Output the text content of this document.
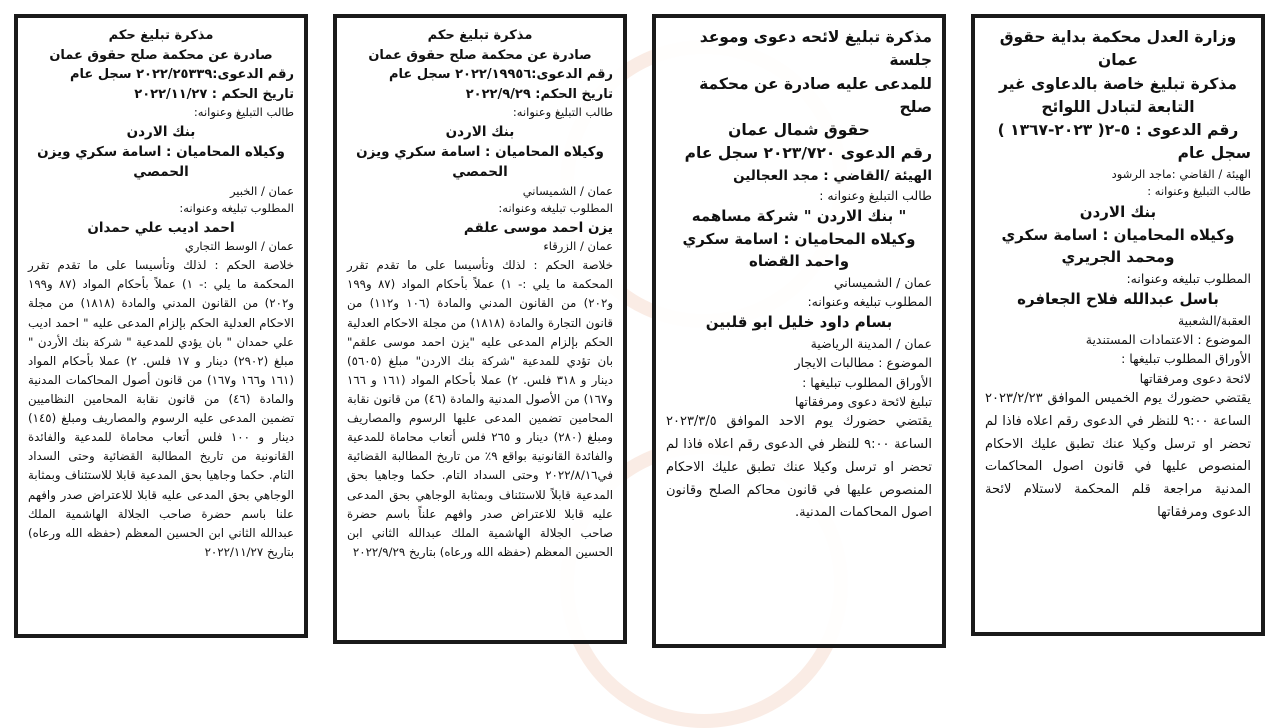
وزارة العدل محكمة بداية حقوق عمان

مذكرة تبليغ خاصة بالدعاوى غير

التابعة لتبادل اللوائح

رقم الدعوى : ٥-٢( ٢٠٢٣-١٣٦٧ )

سجل عام

الهيئة / القاضي :ماجد الرشود

طالب التبليغ وعنوانه :

بنك الاردن

وكيلاه المحاميان : اسامة سكري ومحمد الجريري

المطلوب تبليغه وعنوانه:

باسل عبدالله فلاح الجعافره

العقبة/الشعبية

الموضوع : الاعتمادات المستندية

الأوراق المطلوب تبليغها :

لائحة دعوى ومرفقاتها

يقتضي حضورك يوم الخميس الموافق ٢٠٢٣/٢/٢٣ الساعة ٩:٠٠ للنظر في الدعوى رقم اعلاه فاذا لم تحضر او ترسل وكيلا عنك تطبق عليك الاحكام المنصوص عليها في قانون اصول المحاكمات المدنية مراجعة قلم المحكمة لاستلام لائحة الدعوى ومرفقاتها

مذكرة تبليغ لائحه دعوى وموعد جلسة

للمدعى عليه صادرة عن محكمة صلح

حقوق شمال عمان

رقم الدعوى ٢٠٢٣/٧٢٠ سجل عام

الهيئة /القاضي : مجد العجالين

طالب التبليغ وعنوانه :

" بنك الاردن " شركة مساهمه

وكيلاه المحاميان : اسامة سكري واحمد القضاه

عمان / الشميساني

المطلوب تبليغه وعنوانه:

بسام داود خليل ابو قلبين

عمان / المدينة الرياضية

الموضوع : مطالبات الايجار

الأوراق المطلوب تبليغها :

تبليغ لائحة دعوى ومرفقاتها

يقتضي حضورك يوم الاحد الموافق ٢٠٢٣/٣/٥ الساعة ٩:٠٠ للنظر في الدعوى رقم اعلاه فاذا لم تحضر او ترسل وكيلا عنك تطبق عليك الاحكام المنصوص عليها في قانون محاكم الصلح وقانون اصول المحاكمات المدنية.

مذكرة تبليغ حكم

صادرة عن محكمة صلح حقوق عمان

رقم الدعوى:٢٠٢٢/١٩٩٥٦ سجل عام

تاريخ الحكم: ٢٠٢٢/٩/٢٩

طالب التبليغ وعنوانه:

بنك الاردن

وكيلاه المحاميان : اسامة سكري ويزن الحمصي

عمان / الشميساني

المطلوب تبليغه وعنوانه:

يزن احمد موسى علقم

عمان / الزرقاء

خلاصة الحكم : لذلك وتأسيسا على ما تقدم تقرر المحكمة ما يلي :- ١) عملاً بأحكام المواد (٨٧ و١٩٩ و٢٠٢) من القانون المدني والمادة (١٠٦ و١١٢) من قانون التجارة والمادة (١٨١٨) من مجلة الاحكام العدلية الحكم بإلزام المدعى عليه "يزن احمد موسى علقم" بان تؤدي للمدعية "شركة بنك الاردن" مبلغ (٥٦٠٥) دينار و ٣١٨ فلس. ٢) عملا بأحكام المواد (١٦١ و ١٦٦ و١٦٧) من الأصول المدنية والمادة (٤٦) من قانون نقابة المحامين تضمين المدعى عليها الرسوم والمصاريف ومبلغ (٢٨٠) دينار و ٢٦٥ فلس أتعاب محاماة للمدعية والفائدة القانونية بواقع ٩٪ من تاريخ المطالبة القضائية في٢٠٢٢/٨/١٦ وحتى السداد التام. حكما وجاهيا بحق المدعية قابلاً للاستئناف وبمثابة الوجاهي بحق المدعى عليه قابلا للاعتراض صدر وافهم علناً باسم حضرة صاحب الجلالة الهاشمية الملك عبدالله الثاني ابن الحسين المعظم (حفظه الله ورعاه) بتاريخ ٢٠٢٢/٩/٢٩

مذكرة تبليغ حكم

صادرة عن محكمة صلح حقوق عمان

رقم الدعوى:٢٠٢٢/٢٥٣٣٩ سجل عام

تاريخ الحكم : ٢٠٢٢/١١/٢٧

طالب التبليغ وعنوانه:

بنك الاردن

وكيلاه المحاميان : اسامة سكري ويزن الحمصي

عمان / الخبير

المطلوب تبليغه وعنوانه:

احمد اديب علي حمدان

عمان / الوسط التجاري

خلاصة الحكم : لذلك وتأسيسا على ما تقدم تقرر المحكمة ما يلي :- ١) عملاً بأحكام المواد (٨٧ و١٩٩ و٢٠٢) من القانون المدني والمادة (١٨١٨) من مجلة الاحكام العدلية الحكم بإلزام المدعى عليه " احمد اديب علي حمدان " بان يؤدي للمدعية " شركة بنك الأردن " مبلغ (٢٩٠٢) دينار و ١٧ فلس. ٢) عملا بأحكام المواد (١٦١ و١٦٦ و١٦٧) من قانون أصول المحاكمات المدنية والمادة (٤٦) من قانون نقابة المحامين النظاميين تضمين المدعى عليه الرسوم والمصاريف ومبلغ (١٤٥) دينار و ١٠٠ فلس أتعاب محاماة للمدعية والفائدة القانونية من تاريخ المطالبة القضائية وحتى السداد التام. حكما وجاهيا بحق المدعية قابلا للاستئناف وبمثابة الوجاهي بحق المدعى عليه قابلا للاعتراض صدر وافهم علنا باسم حضرة صاحب الجلالة الهاشمية الملك عبدالله الثاني ابن الحسين المعظم (حفظه الله ورعاه) بتاريخ ٢٠٢٢/١١/٢٧
